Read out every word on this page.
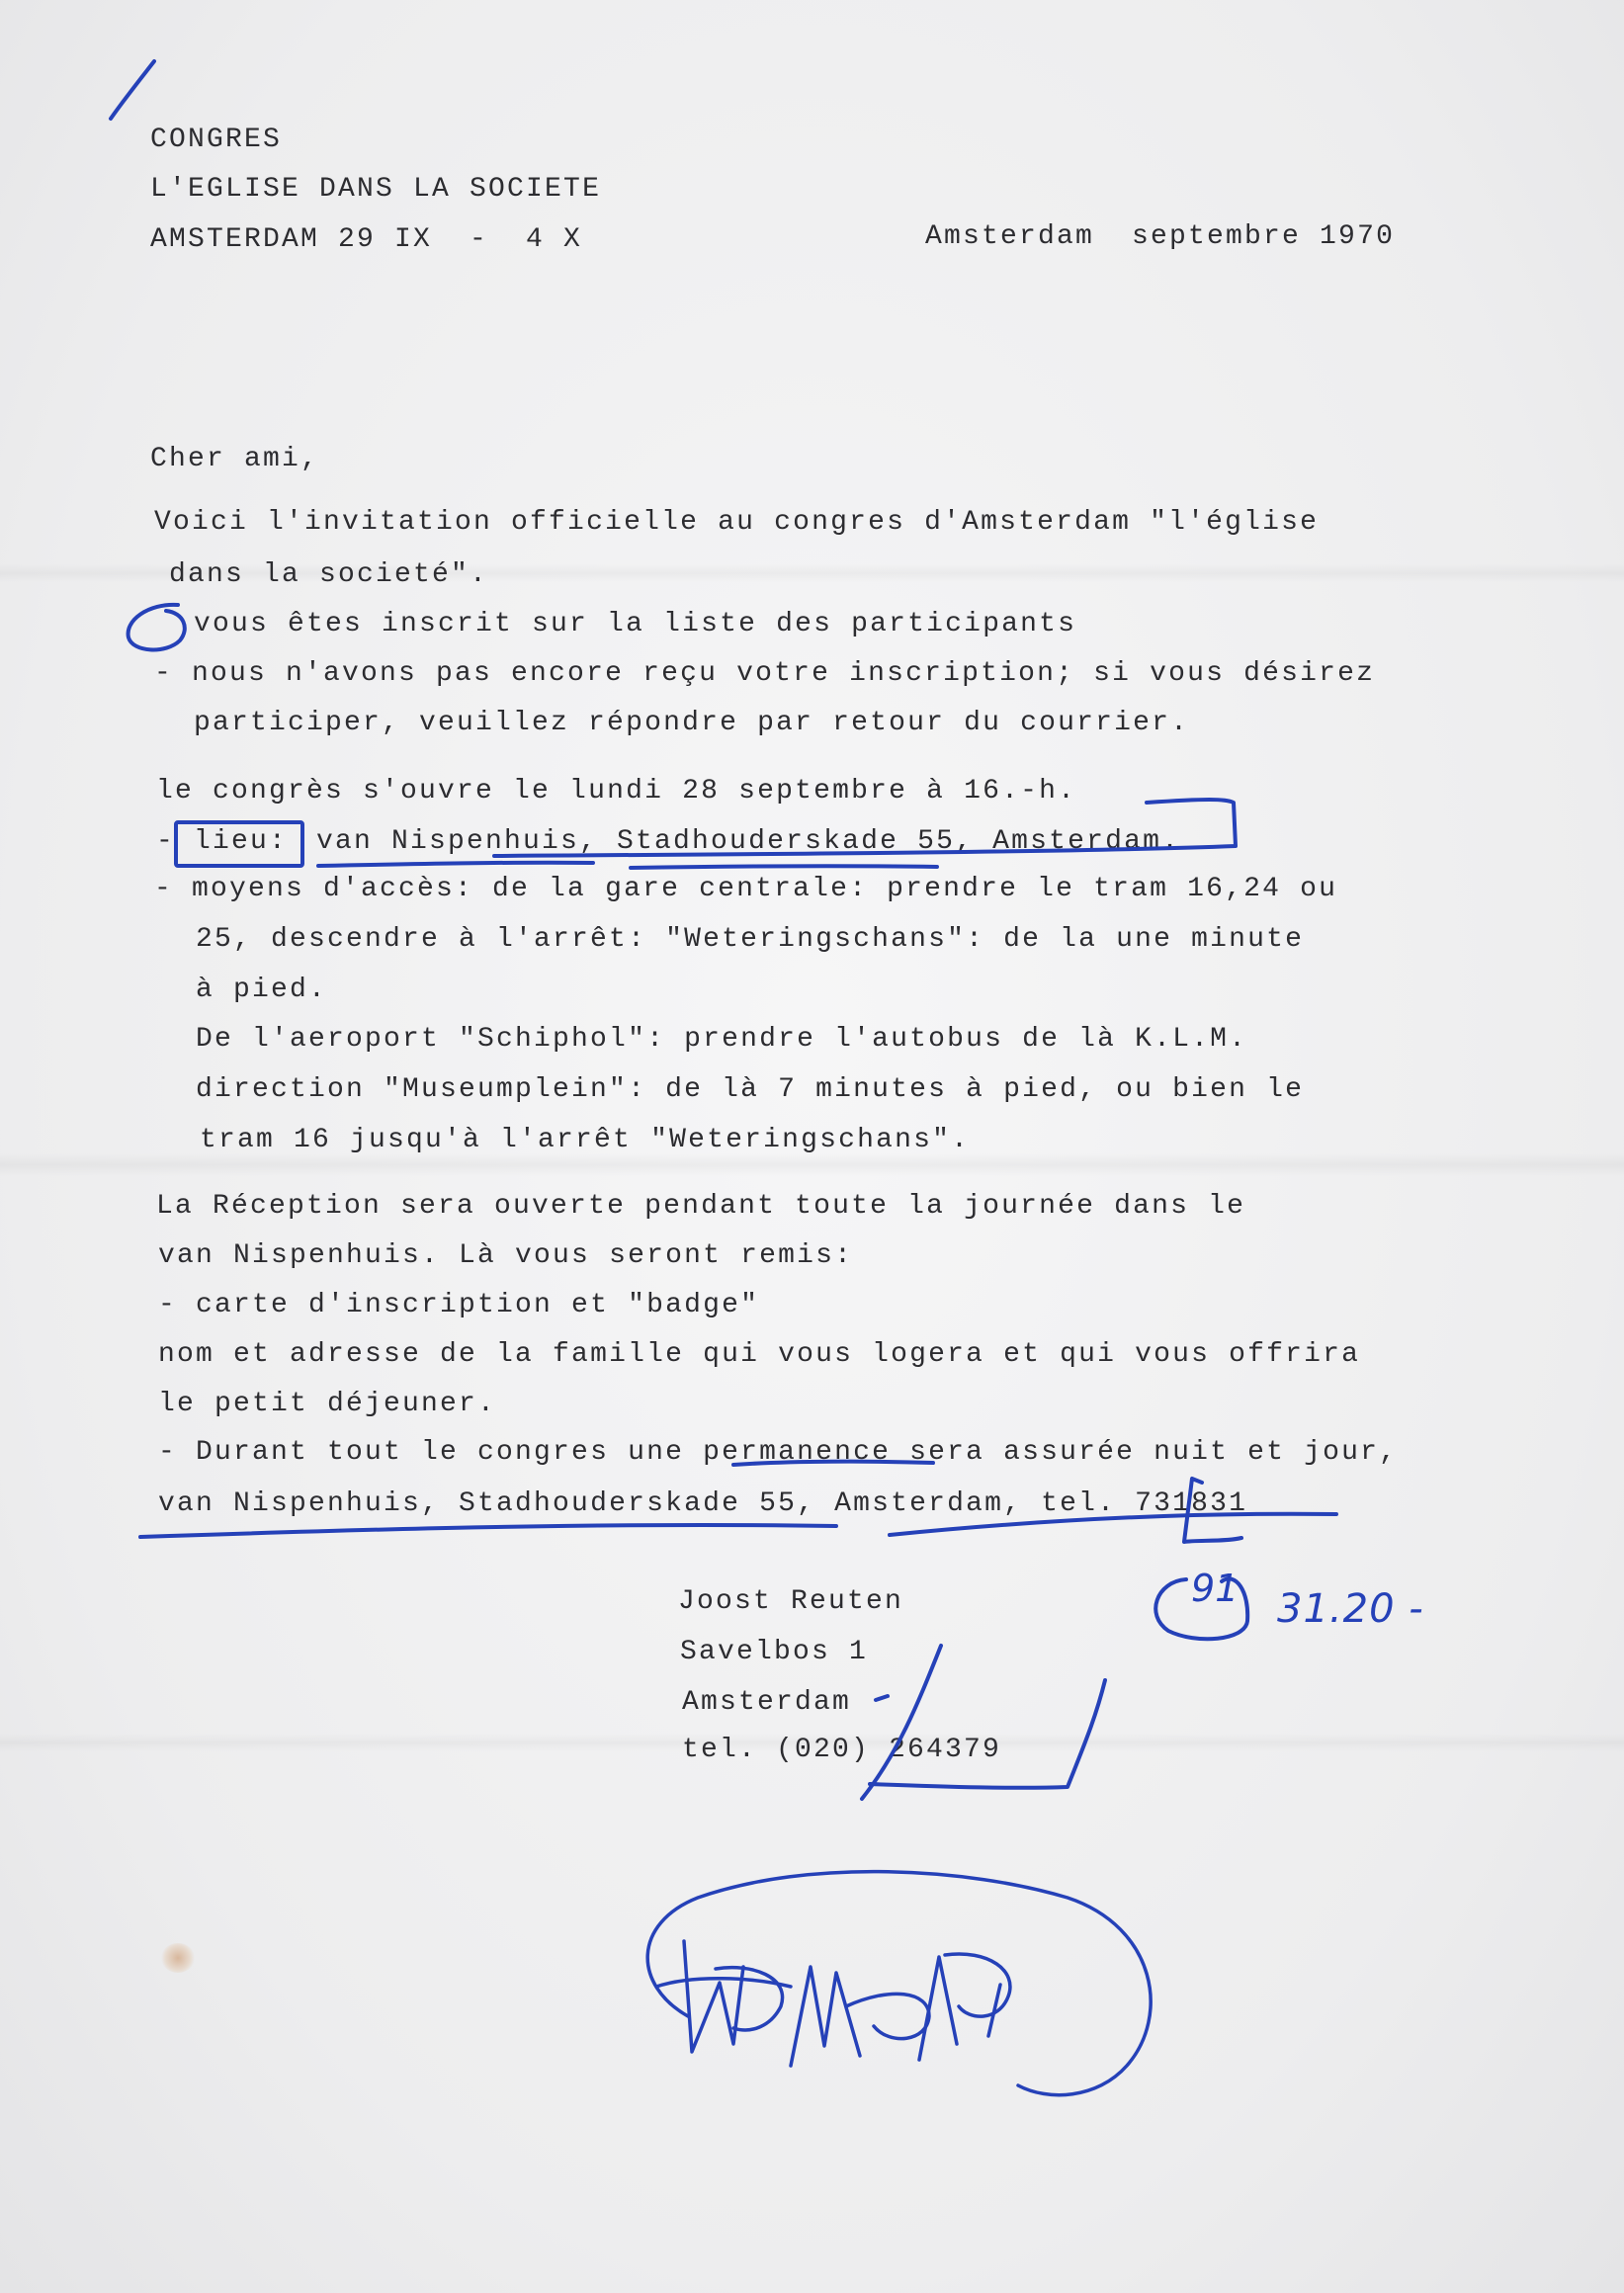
CONGRES
L'EGLISE DANS LA SOCIETE
AMSTERDAM 29 IX  -  4 X	Amsterdam  septembre 1970
Cher ami,
Voici l'invitation officielle au congres d'Amsterdam "l'église
dans la societé".
vous êtes inscrit sur la liste des participants
- nous n'avons pas encore reçu votre inscription; si vous désirez
participer, veuillez répondre par retour du courrier.
le congrès s'ouvre le lundi 28 septembre à 16.-h.
- lieu: van Nispenhuis, Stadhouderskade 55, Amsterdam.
- moyens d'accès: de la gare centrale: prendre le tram 16,24 ou
25, descendre à l'arrêt: "Weteringschans": de la une minute
à pied.
De l'aeroport "Schiphol": prendre l'autobus de là K.L.M.
direction "Museumplein": de là 7 minutes à pied, ou bien le
tram 16 jusqu'à l'arrêt "Weteringschans".
La Réception sera ouverte pendant toute la journée dans le
van Nispenhuis. Là vous seront remis:
- carte d'inscription et "badge"
nom et adresse de la famille qui vous logera et qui vous offrira
le petit déjeuner.
- Durant tout le congres une permanence sera assurée nuit et jour,
van Nispenhuis, Stadhouderskade 55, Amsterdam, tel. 731831
Joost Reuten
Savelbos 1
Amsterdam
tel. (020) 264379
91 31.20 -
